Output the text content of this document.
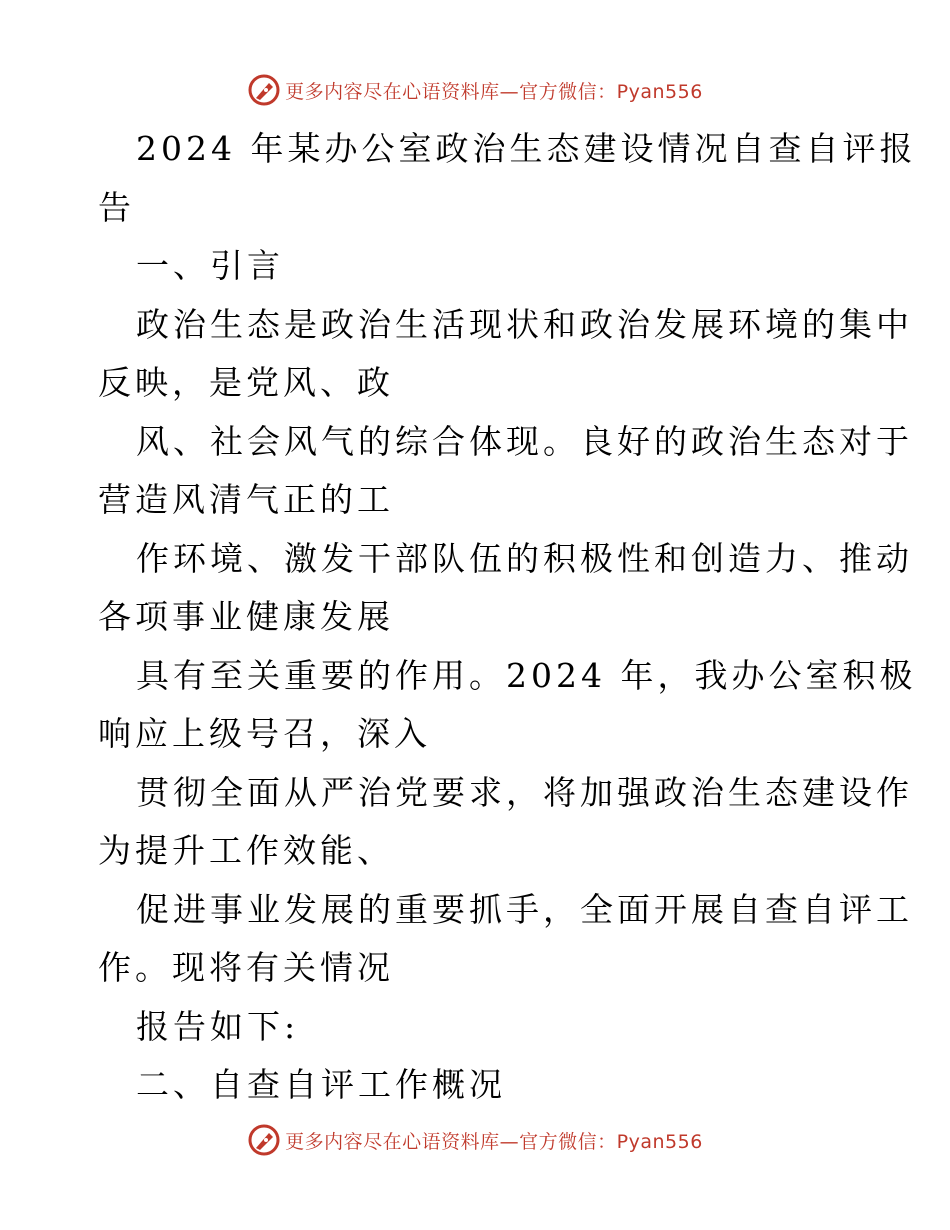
更多内容尽在心语资料库—官方微信：Pyan556
2024 年某办公室政治生态建设情况自查自评报
告
一、引言
政治生态是政治生活现状和政治发展环境的集中
反映，是党风、政
风、社会风气的综合体现。良好的政治生态对于
营造风清气正的工
作环境、激发干部队伍的积极性和创造力、推动
各项事业健康发展
具有至关重要的作用。2024 年，我办公室积极
响应上级号召，深入
贯彻全面从严治党要求，将加强政治生态建设作
为提升工作效能、
促进事业发展的重要抓手，全面开展自查自评工
作。现将有关情况
报告如下:
二、自查自评工作概况
更多内容尽在心语资料库—官方微信：Pyan556
